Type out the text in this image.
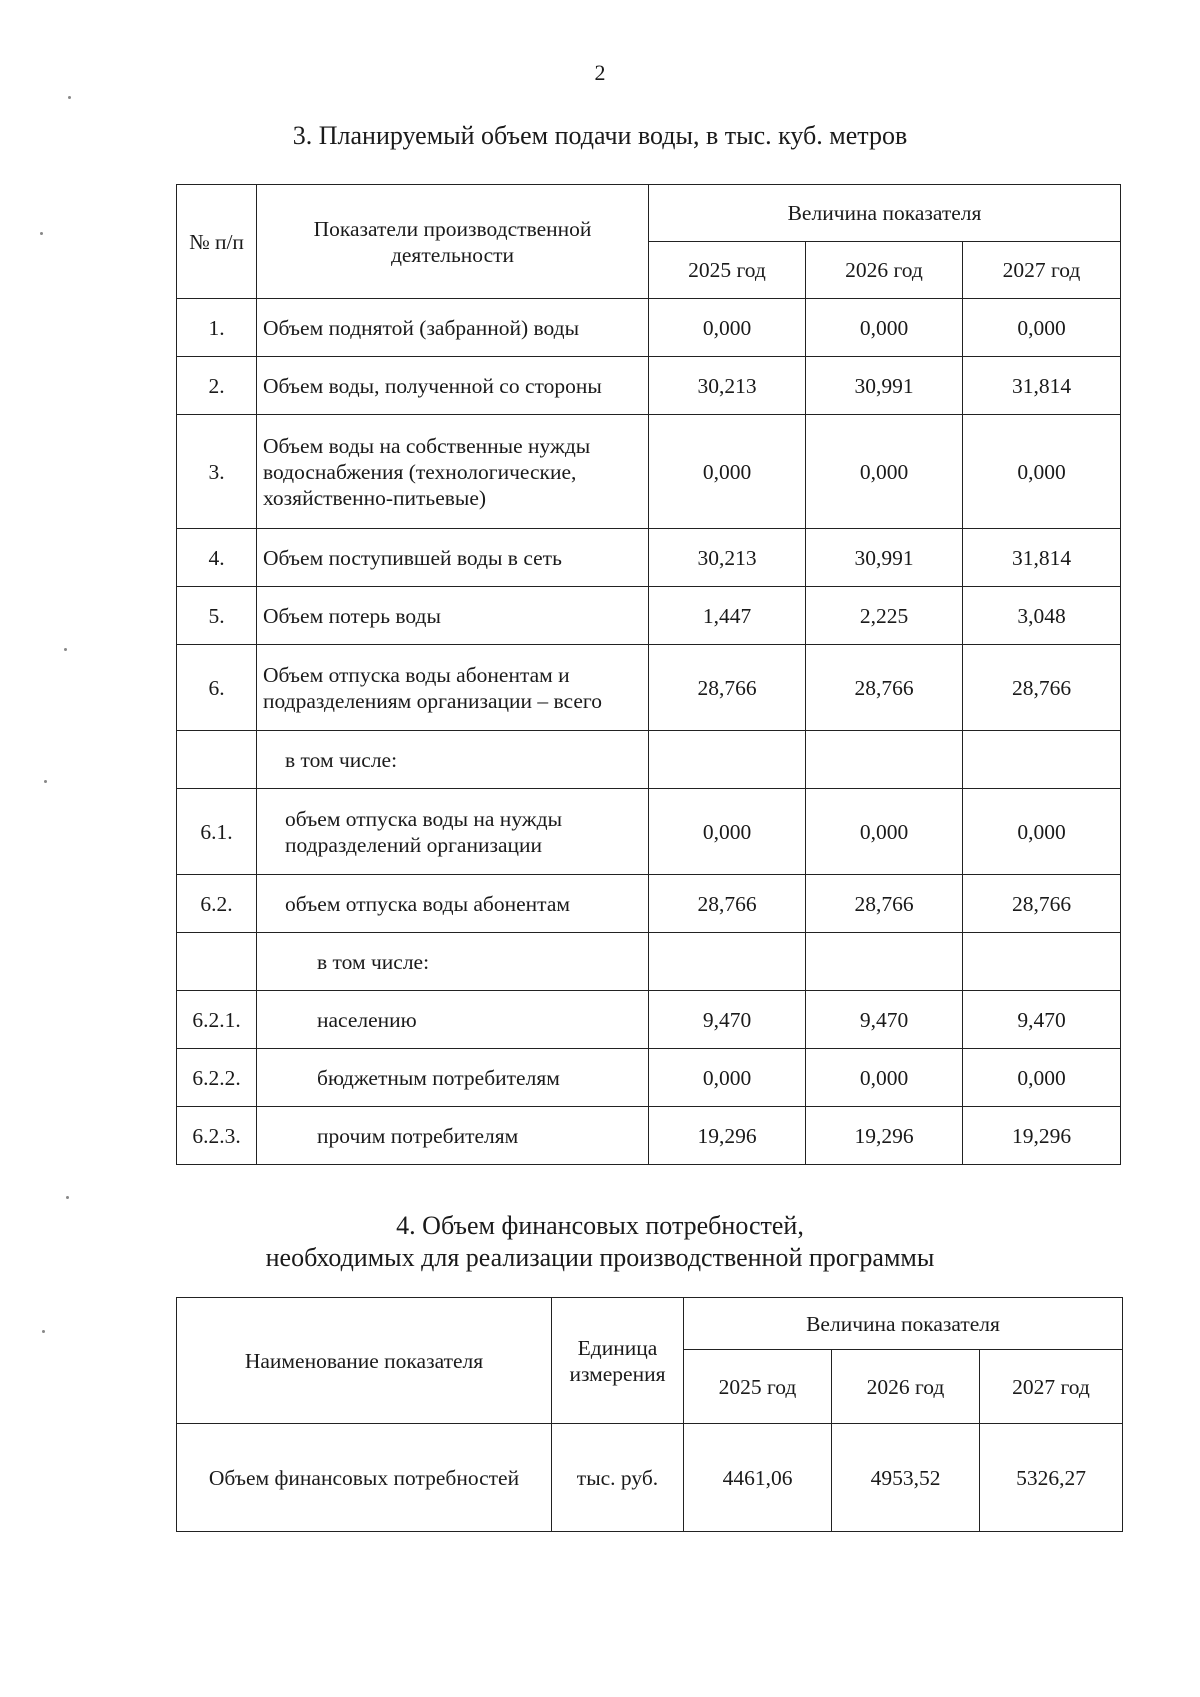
2
3. Планируемый объем подачи воды, в тыс. куб. метров
№ п/п	Показатели производственной деятельности	Величина показателя		
		2025 год	2026 год	2027 год
1.	Объем поднятой (забранной) воды	0,000	0,000	0,000
2.	Объем воды, полученной со стороны	30,213	30,991	31,814
3.	Объем воды на собственные нужды водоснабжения (технологические, хозяйственно-питьевые)	0,000	0,000	0,000
4.	Объем поступившей воды в сеть	30,213	30,991	31,814
5.	Объем потерь воды	1,447	2,225	3,048
6.	Объем отпуска воды абонентам и подразделениям организации – всего	28,766	28,766	28,766
	в том числе:			
6.1.	объем отпуска воды на нужды подразделений организации	0,000	0,000	0,000
6.2.	объем отпуска воды абонентам	28,766	28,766	28,766
	в том числе:			
6.2.1.	населению	9,470	9,470	9,470
6.2.2.	бюджетным потребителям	0,000	0,000	0,000
6.2.3.	прочим потребителям	19,296	19,296	19,296
4. Объем финансовых потребностей,
необходимых для реализации производственной программы
Наименование показателя	Единица измерения	Величина показателя		
		2025 год	2026 год	2027 год
Объем финансовых потребностей	тыс. руб.	4461,06	4953,52	5326,27
